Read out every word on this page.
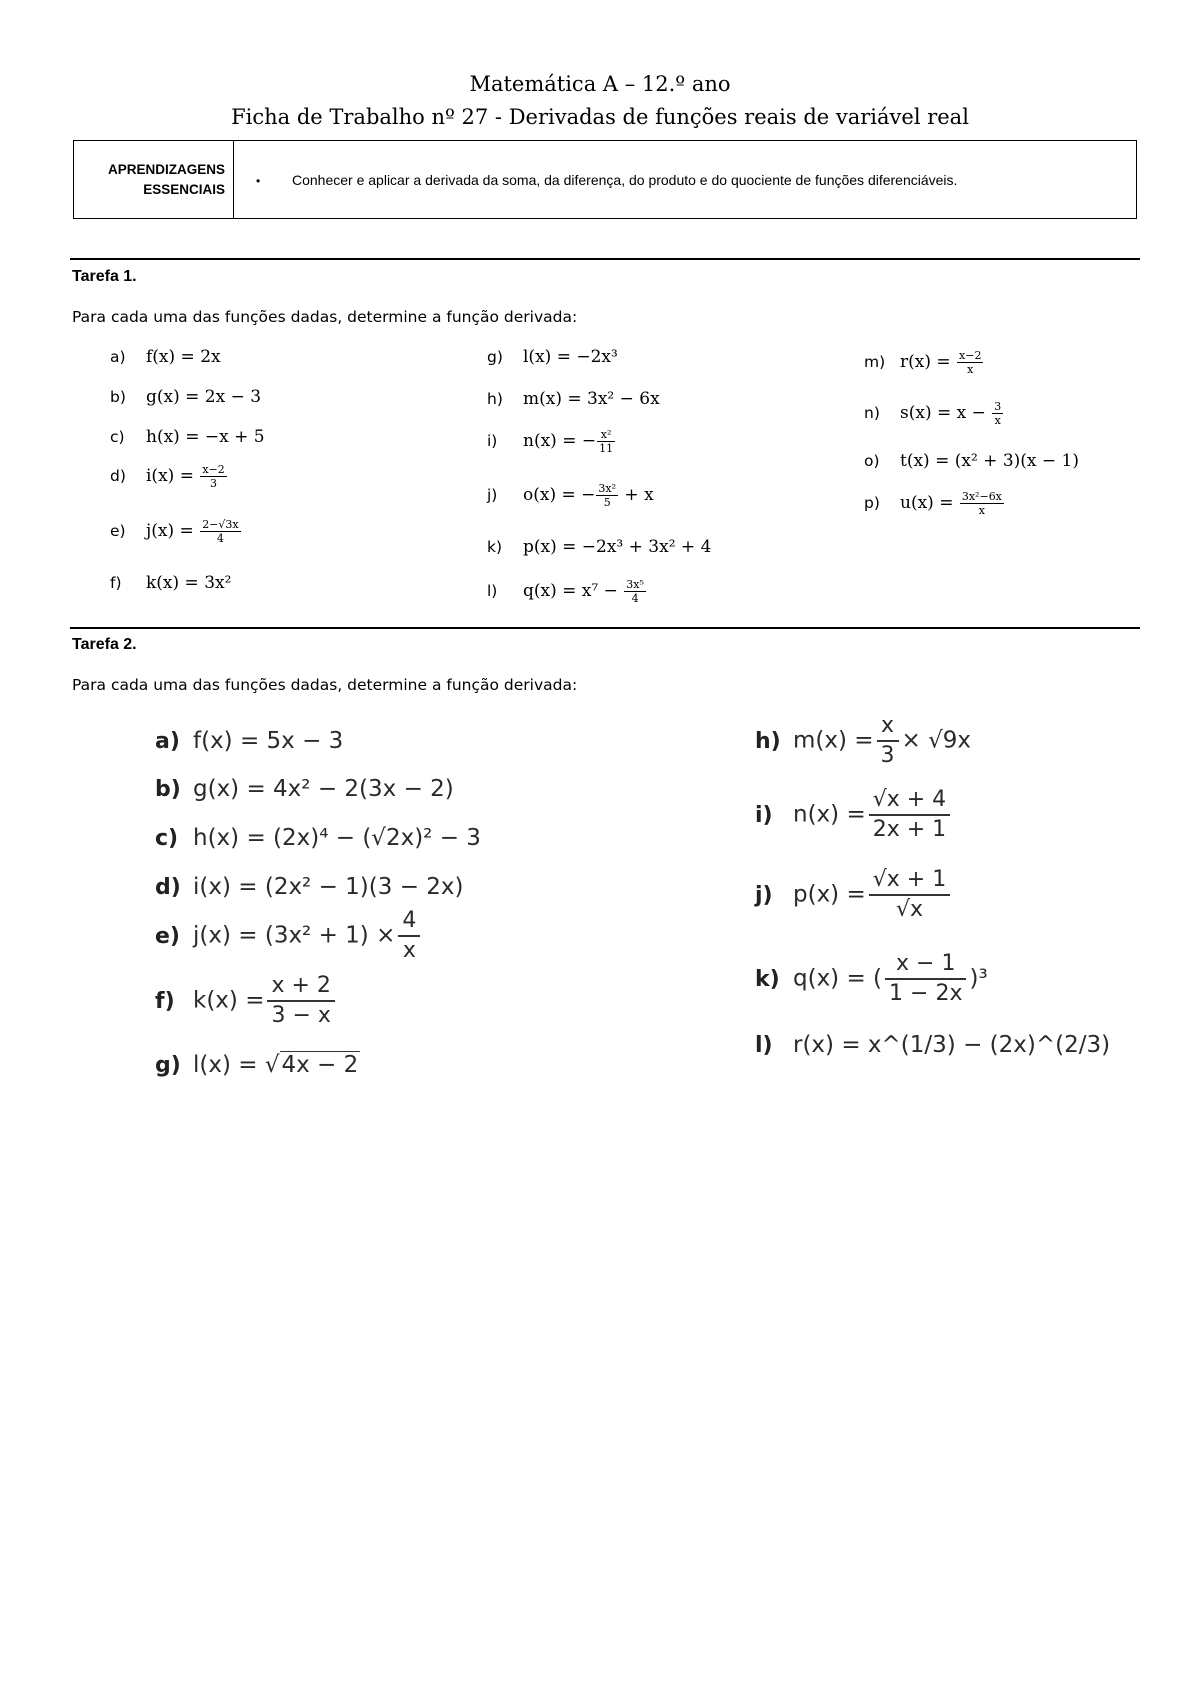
Matemática A – 12.º ano
Ficha de Trabalho nº 27 - Derivadas de funções reais de variável real
APRENDIZAGENS
ESSENCIAIS
	• Conhecer e aplicar a derivada da soma, da diferença, do produto e do quociente de funções diferenciáveis.
Tarefa 1.
Para cada uma das funções dadas, determine a função derivada:
a) f(x) = 2x
b) g(x) = 2x − 3
c) h(x) = −x + 5
d) $i(x) = \frac{x-2}{3}$
e) $j(x) = \frac{2-√3x}{4}$
f) k(x) = 3x²
g) l(x) = −2x³
h) m(x) = 3x² − 6x
i) n(x) = − $\frac{\text{x²}}{11}$
j) o(x) = − $\frac{\text{3x²}}{5} + x$
k) p(x) = −2x³ + 3x² + 4
l) $q(x) = x^7 - \frac{\text{3x⁵}}{4}$
m) $r(x) = \frac{x-2}{x}$
n) $s(x) = x - \frac{3}{x}$
o) t(x) = (x² + 3)(x − 1)
p) $u(x) = \frac{\text{3x²−6x}}{x}$
Tarefa 2.
Para cada uma das funções dadas, determine a função derivada:
a) f(x) = 5x − 3
b) g(x) = 4x² − 2(3x − 2)
c) h(x) = (2x)⁴ − (√2x)² − 3
d) i(x) = (2x² − 1)(3 − 2x)
e) $j(x) = (3x^2 + 1) \times \frac{4}{x}$
f) $k(x) = \frac{x + 2}{3 - x}$
g) l(x) = √4x − 2
h) $m(x) = \frac{x}{3} \times √9x$
i) $n(x) = \frac{√x + 4}{2x + 1}$
j) $p(x) = \frac{√x + 1}{√x}$
k) q(x) = ( $\frac{x - 1}{1 - 2x} )^3$
l) r(x) = x^(1/3) − (2x)^(2/3)
